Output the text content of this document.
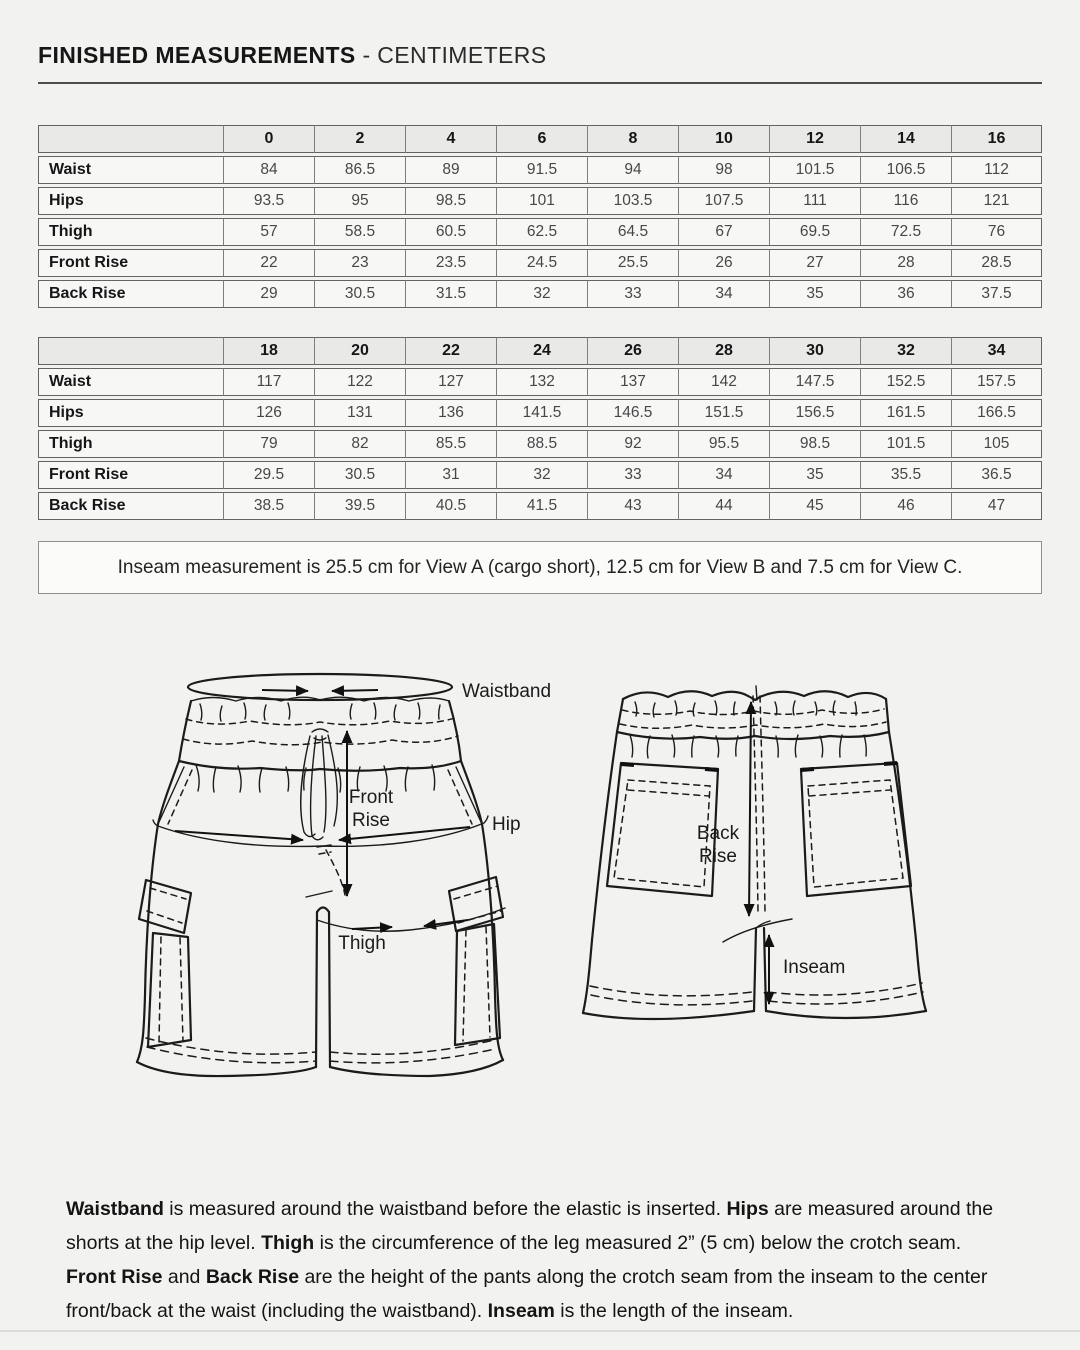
FINISHED MEASUREMENTS - CENTIMETERS
	0	2	4	6	8	10	12	14	16
Waist	84	86.5	89	91.5	94	98	101.5	106.5	112
Hips	93.5	95	98.5	101	103.5	107.5	111	116	121
Thigh	57	58.5	60.5	62.5	64.5	67	69.5	72.5	76
Front Rise	22	23	23.5	24.5	25.5	26	27	28	28.5
Back Rise	29	30.5	31.5	32	33	34	35	36	37.5
	18	20	22	24	26	28	30	32	34
Waist	117	122	127	132	137	142	147.5	152.5	157.5
Hips	126	131	136	141.5	146.5	151.5	156.5	161.5	166.5
Thigh	79	82	85.5	88.5	92	95.5	98.5	101.5	105
Front Rise	29.5	30.5	31	32	33	34	35	35.5	36.5
Back Rise	38.5	39.5	40.5	41.5	43	44	45	46	47
Inseam measurement is 25.5 cm for View A (cargo short), 12.5 cm for View B and 7.5 cm for View C.
Waistband
Front
Rise	Hip
Thigh
Back
Rise
Inseam

Waistband is measured around the waistband before the elastic is inserted. Hips are measured around the shorts at the hip level. Thigh is the circumference of the leg measured 2” (5 cm) below the crotch seam. Front Rise and Back Rise are the height of the pants along the crotch seam from the inseam to the center front/back at the waist (including the waistband). Inseam is the length of the inseam.
